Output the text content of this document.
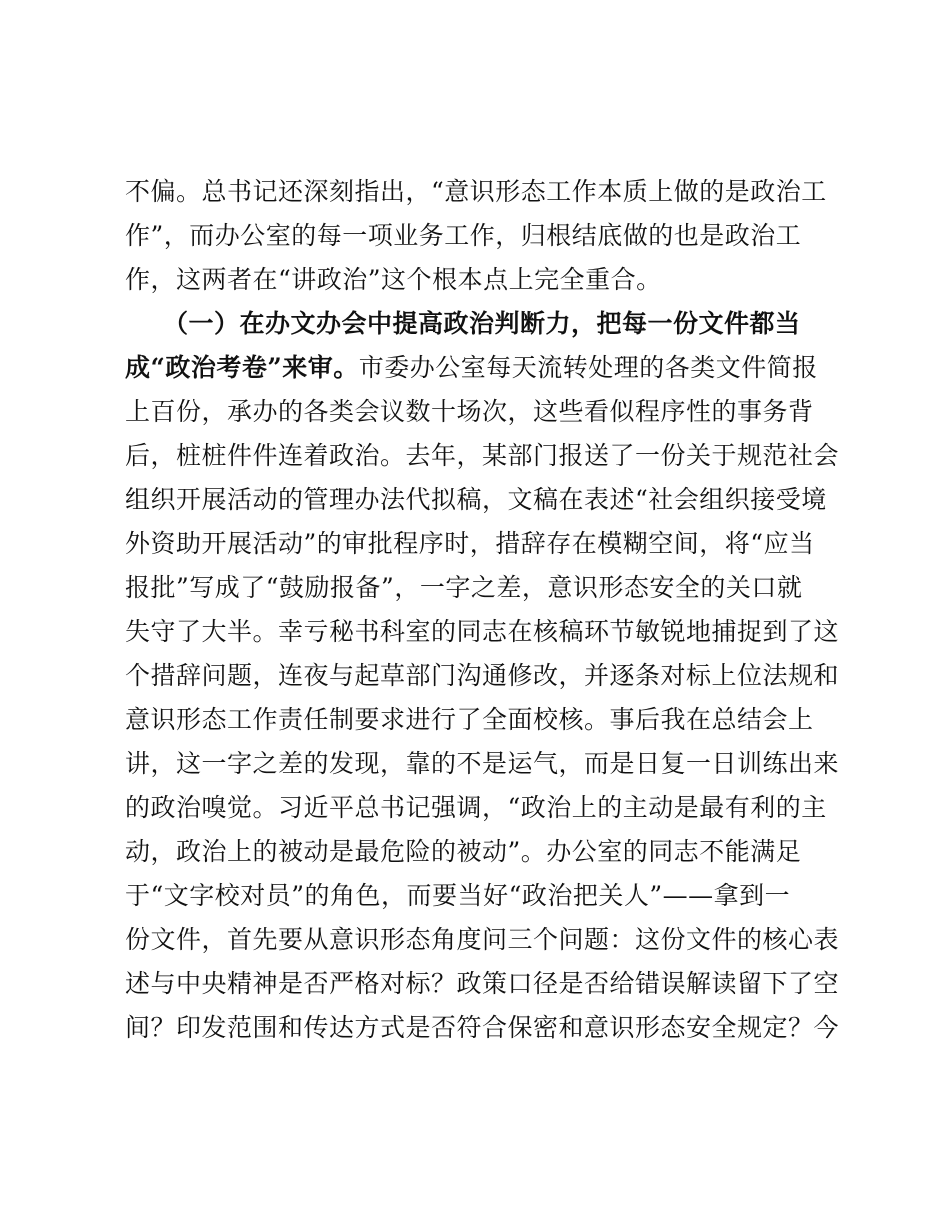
不偏。总书记还深刻指出，“意识形态工作本质上做的是政治工
作”，而办公室的每一项业务工作，归根结底做的也是政治工
作，这两者在“讲政治”这个根本点上完全重合。
（一）在办文办会中提高政治判断力，把每一份文件都当
成“政治考卷”来审。市委办公室每天流转处理的各类文件简报
上百份，承办的各类会议数十场次，这些看似程序性的事务背
后，桩桩件件连着政治。去年，某部门报送了一份关于规范社会
组织开展活动的管理办法代拟稿，文稿在表述“社会组织接受境
外资助开展活动”的审批程序时，措辞存在模糊空间，将“应当
报批”写成了“鼓励报备”，一字之差，意识形态安全的关口就
失守了大半。幸亏秘书科室的同志在核稿环节敏锐地捕捉到了这
个措辞问题，连夜与起草部门沟通修改，并逐条对标上位法规和
意识形态工作责任制要求进行了全面校核。事后我在总结会上
讲，这一字之差的发现，靠的不是运气，而是日复一日训练出来
的政治嗅觉。习近平总书记强调，“政治上的主动是最有利的主
动，政治上的被动是最危险的被动”。办公室的同志不能满足
于“文字校对员”的角色，而要当好“政治把关人”——拿到一
份文件，首先要从意识形态角度问三个问题：这份文件的核心表
述与中央精神是否严格对标？政策口径是否给错误解读留下了空
间？印发范围和传达方式是否符合保密和意识形态安全规定？今
